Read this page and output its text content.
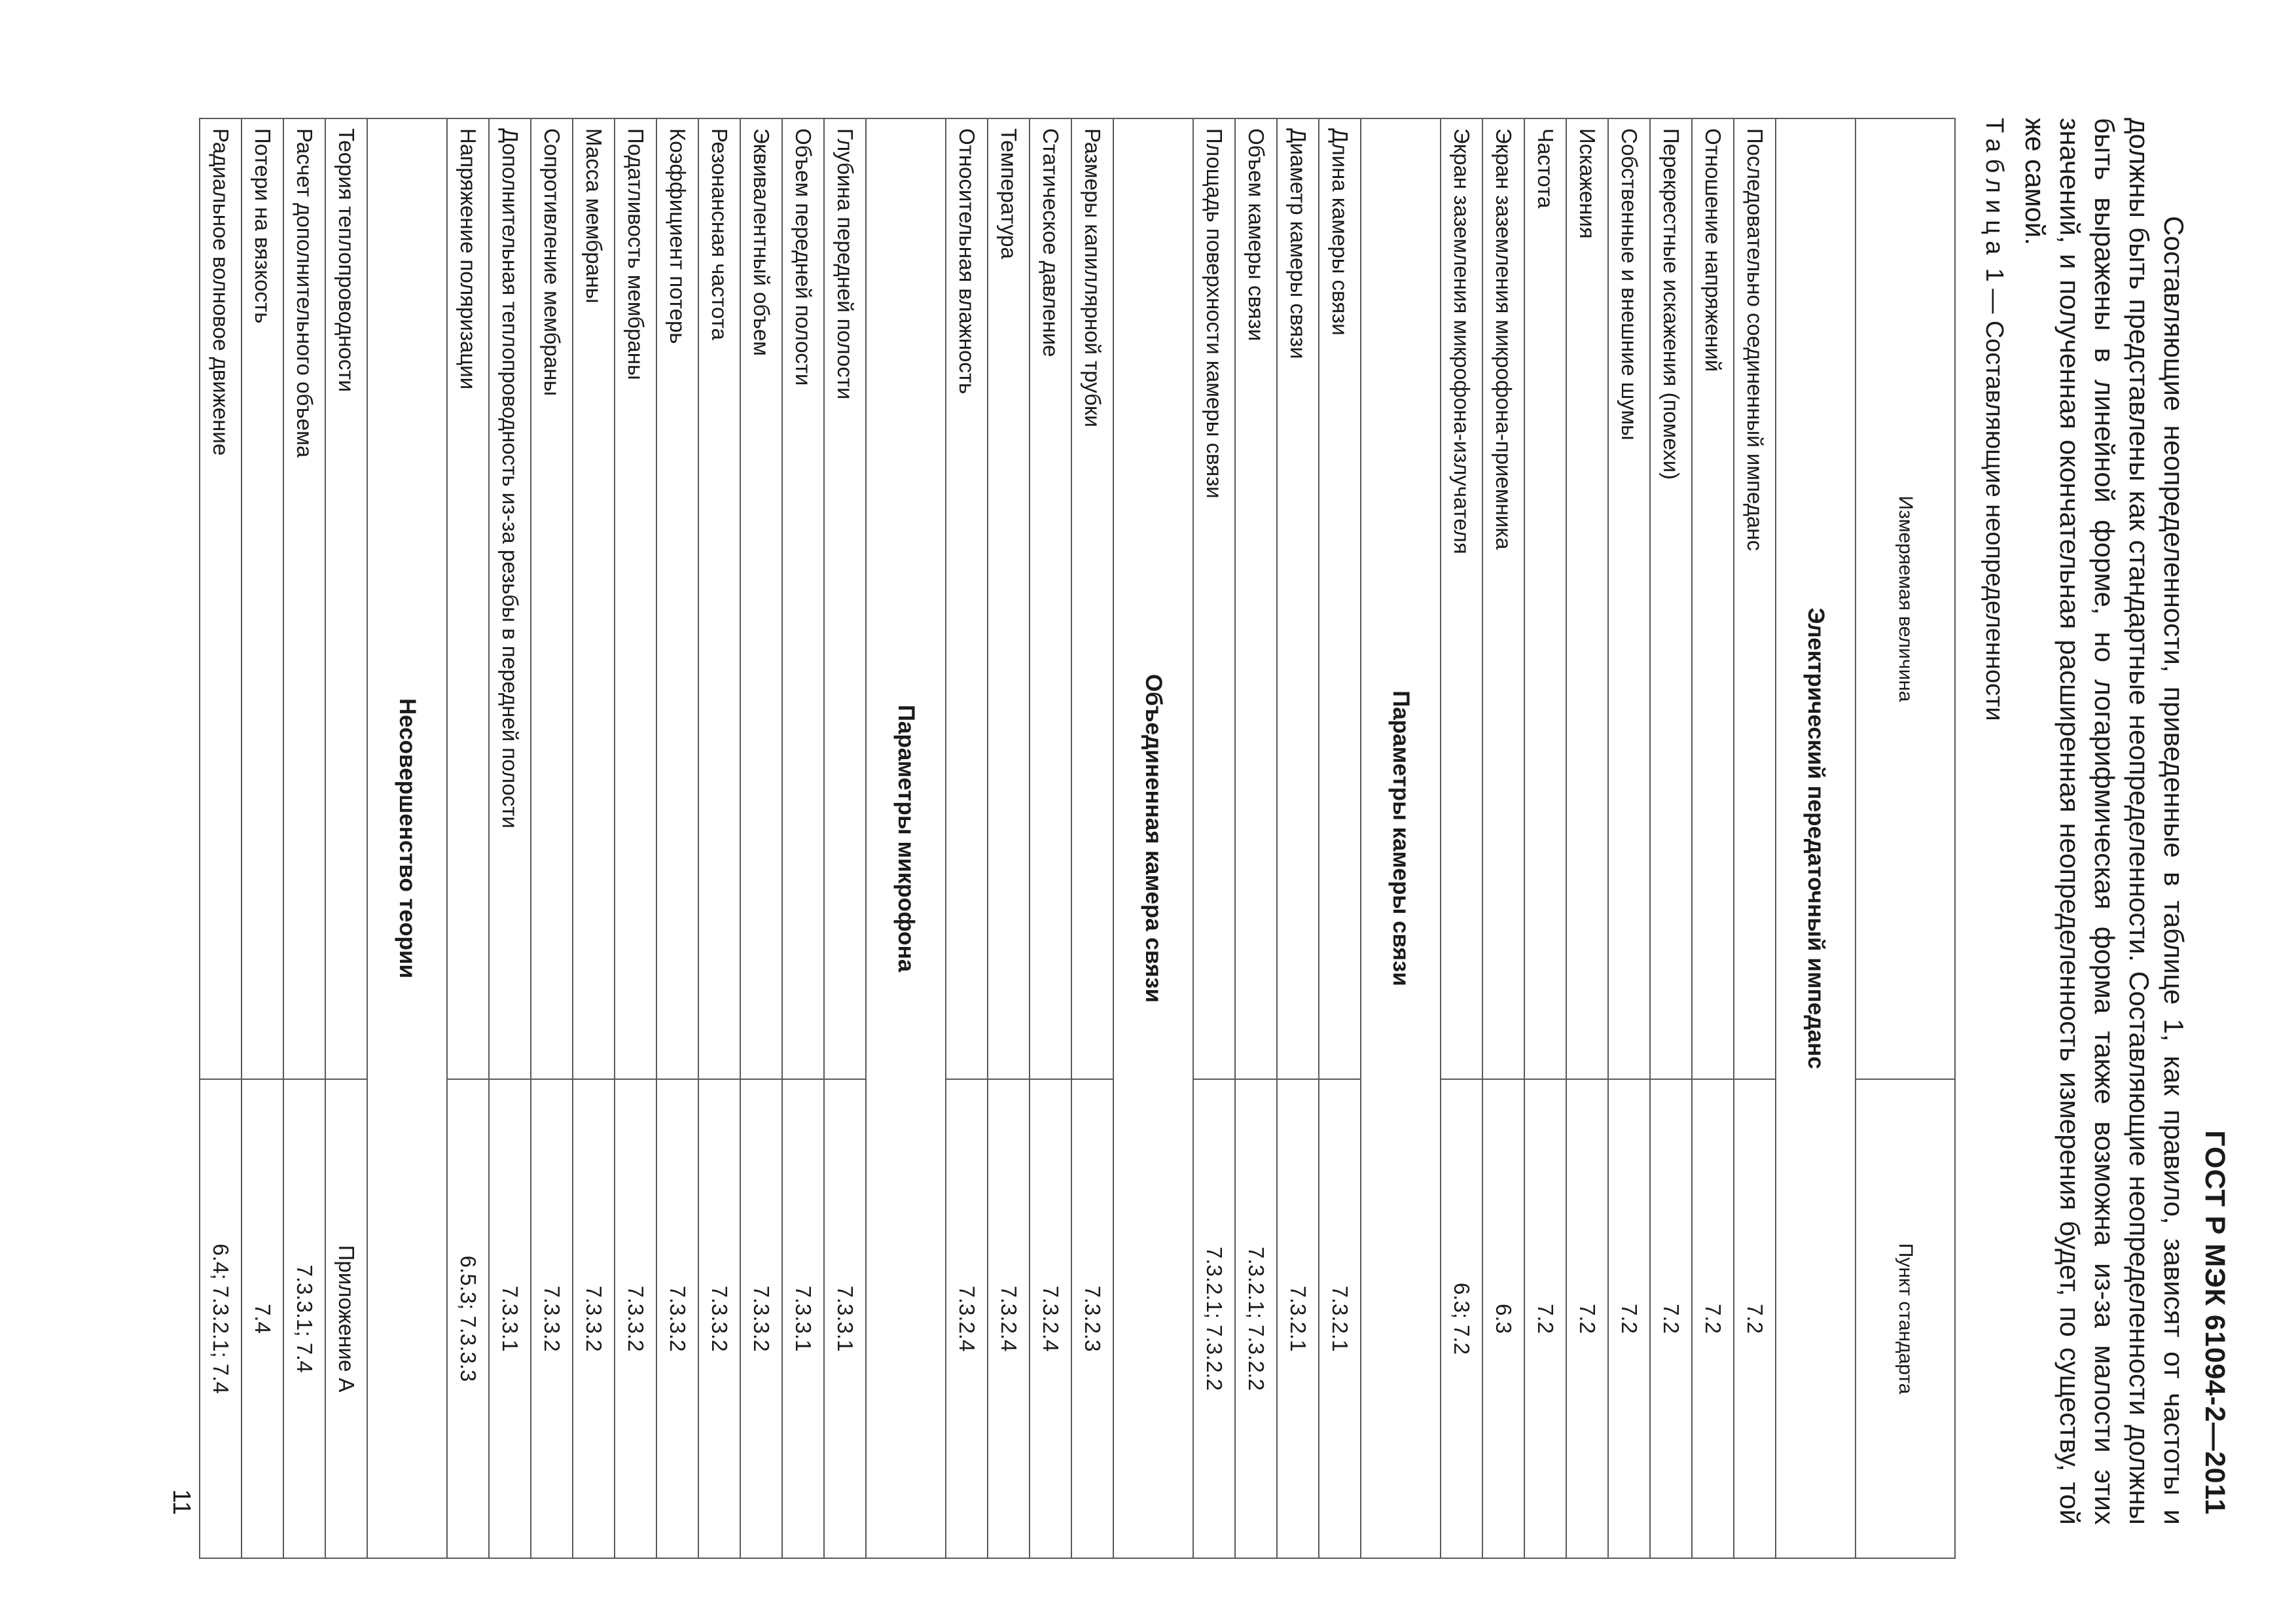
ГОСТ Р МЭК 61094-2—2011

Составляющие неопределенности, приведенные в таблице 1, как правило, зависят от частоты и должны быть представлены как стандартные неопределенности. Составляющие неопределенности должны быть выражены в линейной форме, но логарифмическая форма также возможна из-за малости этих значений, и полученная окончательная расширенная неопределенность измерения будет, по существу, той же самой.

Таблица 1 — Составляющие неопределенности

Измеряемая величина	Пункт стандарта
Электрический передаточный импеданс	
Последовательно соединенный импеданс	7.2
Отношение напряжений	7.2
Перекрестные искажения (помехи)	7.2
Собственные и внешние шумы	7.2
Искажения	7.2
Частота	7.2
Экран заземления микрофона-приемника	6.3
Экран заземления микрофона-излучателя	6.3; 7.2
Параметры камеры связи	
Длина камеры связи	7.3.2.1
Диаметр камеры связи	7.3.2.1
Объем камеры связи	7.3.2.1; 7.3.2.2
Площадь поверхности камеры связи	7.3.2.1; 7.3.2.2
Объединенная камера связи	
Размеры капиллярной трубки	7.3.2.3
Статическое давление	7.3.2.4
Температура	7.3.2.4
Относительная влажность	7.3.2.4
Параметры микрофона	
Глубина передней полости	7.3.3.1
Объем передней полости	7.3.3.1
Эквивалентный объем	7.3.3.2
Резонансная частота	7.3.3.2
Коэффициент потерь	7.3.3.2
Податливость мембраны	7.3.3.2
Масса мембраны	7.3.3.2
Сопротивление мембраны	7.3.3.2
Дополнительная теплопроводность из-за резьбы в передней полости	7.3.3.1
Напряжение поляризации	6.5.3; 7.3.3.3
Несовершенство теории	
Теория теплопроводности	Приложение А
Расчет дополнительного объема	7.3.3.1; 7.4
Потери на вязкость	7.4
Радиальное волновое движение	6.4; 7.3.2.1; 7.4
11
